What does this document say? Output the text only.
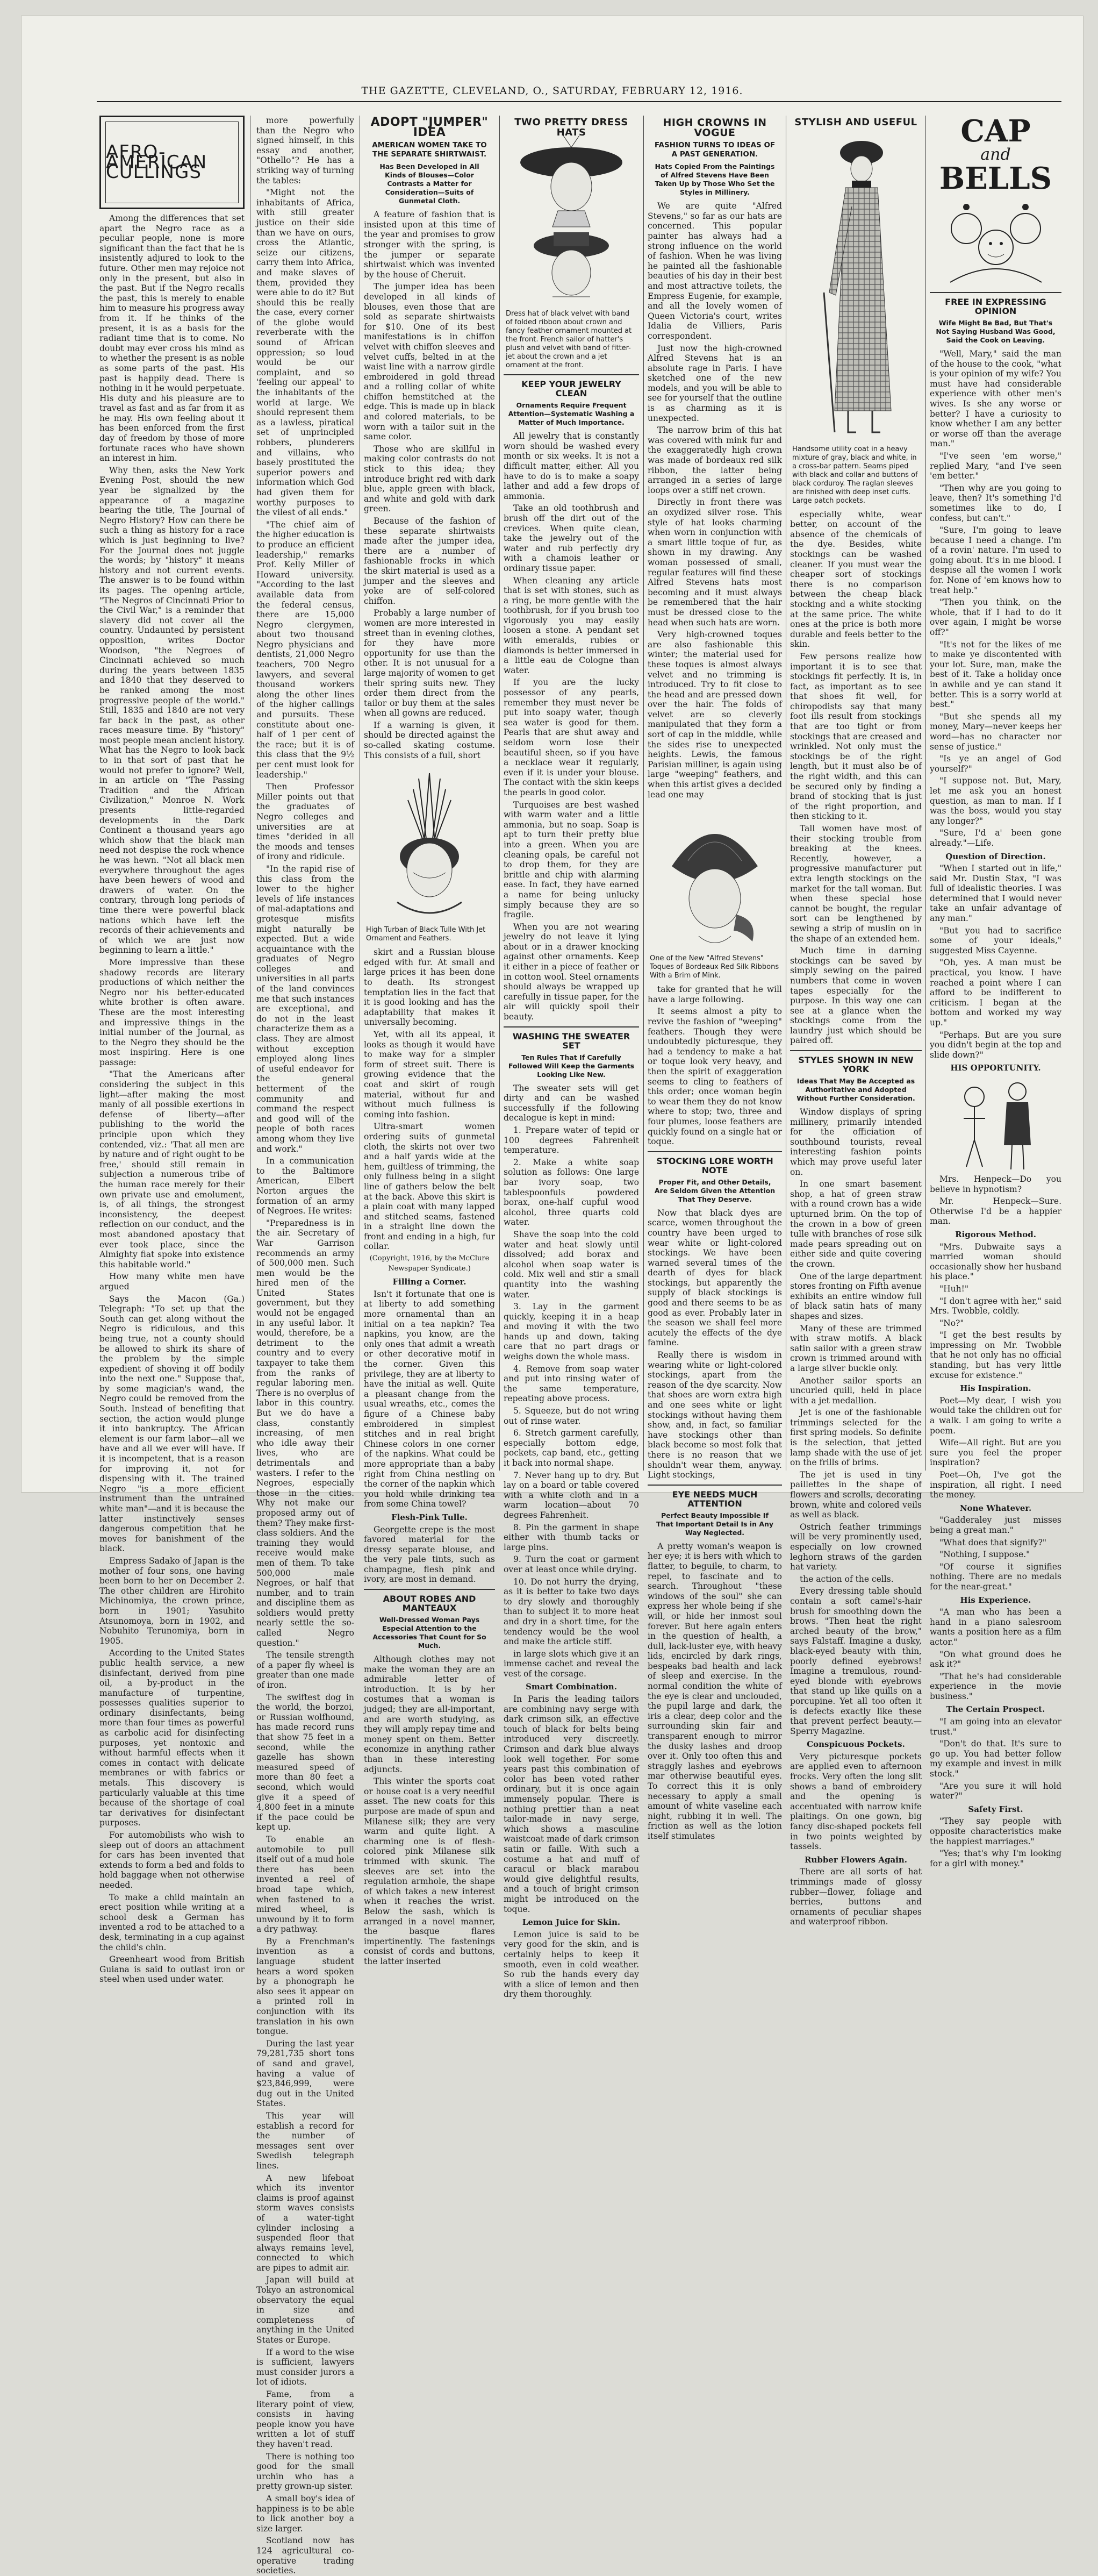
THE GAZETTE, CLEVELAND, O., SATURDAY, FEBRUARY 12, 1916.
AFRO-AMERICAN CULLINGS

Among the differences that set apart the Negro race as a peculiar people, none is more significant than the fact that he is insistently adjured to look to the future. Other men may rejoice not only in the present, but also in the past. But if the Negro recalls the past, this is merely to enable him to measure his progress away from it. If he thinks of the present, it is as a basis for the radiant time that is to come. No doubt may ever cross his mind as to whether the present is as noble as some parts of the past. His past is happily dead. There is nothing in it he would perpetuate. His duty and his pleasure are to travel as fast and as far from it as he may. His own feeling about it has been enforced from the first day of freedom by those of more fortunate races who have shown an interest in him.

Why then, asks the New York Evening Post, should the new year be signalized by the appearance of a magazine bearing the title, The Journal of Negro History? How can there be such a thing as history for a race which is just beginning to live? For the Journal does not juggle the words; by "history" it means history and not current events. The answer is to be found within its pages. The opening article, "The Negros of Cincinnati Prior to the Civil War," is a reminder that slavery did not cover all the country. Undaunted by persistent opposition, writes Doctor Woodson, "the Negroes of Cincinnati achieved so much during the years between 1835 and 1840 that they deserved to be ranked among the most progressive people of the world." Still, 1835 and 1840 are not very far back in the past, as other races measure time. By "history" most people mean ancient history. What has the Negro to look back to in that sort of past that he would not prefer to ignore? Well, in an article on "The Passing Tradition and the African Civilization," Monroe N. Work presents little-regarded developments in the Dark Continent a thousand years ago which show that the black man need not despise the rock whence he was hewn. "Not all black men everywhere throughout the ages have been hewers of wood and drawers of water. On the contrary, through long periods of time there were powerful black nations which have left the records of their achievements and of which we are just now beginning to learn a little."

More impressive than these shadowy records are literary productions of which neither the Negro nor his better-educated white brother is often aware. These are the most interesting and impressive things in the initial number of the Journal, as to the Negro they should be the most inspiring. Here is one passage:

"That the Americans after considering the subject in this light—after making the most manly of all possible exertions in defense of liberty—after publishing to the world the principle upon which they contended, viz.: 'That all men are by nature and of right ought to be free,' should still remain in subjection a numerous tribe of the human race merely for their own private use and emolument, is, of all things, the strongest inconsistency, the deepest reflection on our conduct, and the most abandoned apostacy that ever took place, since the Almighty fiat spoke into existence this habitable world."

How many white men have argued

Says the Macon (Ga.) Telegraph: "To set up that the South can get along without the Negro is ridiculous, and this being true, not a county should be allowed to shirk its share of the problem by the simple expedient of shoving it off bodily into the next one." Suppose that, by some magician's wand, the Negro could be removed from the South. Instead of benefiting that section, the action would plunge it into bankruptcy. The African element is our farm labor—all we have and all we ever will have. If it is incompetent, that is a reason for improving it, not for dispensing with it. The trained Negro "is a more efficient instrument than the untrained white man"—and it is because the latter instinctively senses dangerous competition that he moves for banishment of the black.

Empress Sadako of Japan is the mother of four sons, one having been born to her on December 2. The other children are Hirohito Michinomiya, the crown prince, born in 1901; Yasuhito Atsunomoya, born in 1902, and Nobuhito Terunomiya, born in 1905.

According to the United States public health service, a new disinfectant, derived from pine oil, a by-product in the manufacture of turpentine, possesses qualities superior to ordinary disinfectants, being more than four times as powerful as carbolic acid for disinfecting purposes, yet nontoxic and without harmful effects when it comes in contact with delicate membranes or with fabrics or metals. This discovery is particularly valuable at this time because of the shortage of coal tar derivatives for disinfectant purposes.

For automobilists who wish to sleep out of doors an attachment for cars has been invented that extends to form a bed and folds to hold baggage when not otherwise needed.

To make a child maintain an erect position while writing at a school desk a German has invented a rod to be attached to a desk, terminating in a cup against the child's chin.

Greenheart wood from British Guiana is said to outlast iron or steel when used under water.

more powerfully than the Negro who signed himself, in this essay and another, "Othello"? He has a striking way of turning the tables:

"Might not the inhabitants of Africa, with still greater justice on their side than we have on ours, cross the Atlantic, seize our citizens, carry them into Africa, and make slaves of them, provided they were able to do it? But should this be really the case, every corner of the globe would reverberate with the sound of African oppression; so loud would be our complaint, and so 'feeling our appeal' to the inhabitants of the world at large. We should represent them as a lawless, piratical set of unprincipled robbers, plunderers and villains, who basely prostituted the superior powers and information which God had given them for worthy purposes to the vilest of all ends."

"The chief aim of the higher education is to produce an efficient leadership," remarks Prof. Kelly Miller of Howard university. "According to the last available data from the federal census, there are 15,000 Negro clergymen, about two thousand Negro physicians and dentists, 21,000 Negro teachers, 700 Negro lawyers, and several thousand workers along the other lines of the higher callings and pursuits. These constitute about one-half of 1 per cent of the race; but it is of this class that the 9½ per cent must look for leadership."

Then Professor Miller points out that the graduates of Negro colleges and universities are at times "derided in all the moods and tenses of irony and ridicule.

"In the rapid rise of this class from the lower to the higher levels of life instances of mal-adaptations and grotesque misfits might naturally be expected. But a wide acquaintance with the graduates of Negro colleges and universities in all parts of the land convinces me that such instances are exceptional, and do not in the least characterize them as a class. They are almost without exception employed along lines of useful endeavor for the general betterment of the community and command the respect and good will of the people of both races among whom they live and work."

In a communication to the Baltimore American, Elbert Norton argues the formation of an army of Negroes. He writes:

"Preparedness is in the air. Secretary of War Garrison recommends an army of 500,000 men. Such men would be the hired men of the United States government, but they would not be engaged in any useful labor. It would, therefore, be a detriment to the country and to every taxpayer to take them from the ranks of regular laboring men. There is no overplus of labor in this country. But we do have a class, constantly increasing, of men who idle away their lives, who are detrimentals and wasters. I refer to the Negroes, especially those in the cities. Why not make our proposed army out of them? They make first-class soldiers. And the training they would receive would make men of them. To take 500,000 male Negroes, or half that number, and to train and discipline them as soldiers would pretty nearly settle the so-called Negro question."

The tensile strength of a paper fly wheel is greater than one made of iron.

The swiftest dog in the world, the borzoi, or Russian wolfhound, has made record runs that show 75 feet in a second, while the gazelle has shown measured speed of more than 80 feet a second, which would give it a speed of 4,800 feet in a minute if the pace could be kept up.

To enable an automobile to pull itself out of a mud hole there has been invented a reel of broad tape which, when fastened to a mired wheel, is unwound by it to form a dry pathway.

By a Frenchman's invention as a language student hears a word spoken by a phonograph he also sees it appear on a printed roll in conjunction with its translation in his own tongue.

During the last year 79,281,735 short tons of sand and gravel, having a value of $23,846,999, were dug out in the United States.

This year will establish a record for the number of messages sent over Swedish telegraph lines.

A new lifeboat which its inventor claims is proof against storm waves consists of a water-tight cylinder inclosing a suspended floor that always remains level, connected to which are pipes to admit air.

Japan will build at Tokyo an astronomical observatory the equal in size and completeness of anything in the United States or Europe.

If a word to the wise is sufficient, lawyers must consider jurors a lot of idiots.

Fame, from a literary point of view, consists in having people know you have written a lot of stuff they haven't read.

There is nothing too good for the small urchin who has a pretty grown-up sister.

A small boy's idea of happiness is to be able to lick another boy a size larger.

Scotland now has 124 agricultural co-operative trading societies.

ADOPT "JUMPER" IDEA
AMERICAN WOMEN TAKE TO THE SEPARATE SHIRTWAIST.
Has Been Developed in All Kinds of Blouses—Color Contrasts a Matter for Consideration—Suits of Gunmetal Cloth.

A feature of fashion that is insisted upon at this time of the year and promises to grow stronger with the spring, is the jumper or separate shirtwaist which was invented by the house of Cheruit.

The jumper idea has been developed in all kinds of blouses, even those that are sold as separate shirtwaists for $10. One of its best manifestations is in chiffon velvet with chiffon sleeves and velvet cuffs, belted in at the waist line with a narrow girdle embroidered in gold thread and a rolling collar of white chiffon hemstitched at the edge. This is made up in black and colored materials, to be worn with a tailor suit in the same color.

Those who are skillful in making color contrasts do not stick to this idea; they introduce bright red with dark blue, apple green with black, and white and gold with dark green.

Because of the fashion of these separate shirtwaists made after the jumper idea, there are a number of fashionable frocks in which the skirt material is used as a jumper and the sleeves and yoke are of self-colored chiffon.

Probably a large number of women are more interested in street than in evening clothes, for they have more opportunity for use than the other. It is not unusual for a large majority of women to get their spring suits new. They order them direct from the tailor or buy them at the sales when all gowns are reduced.

If a warning is given, it should be directed against the so-called skating costume. This consists of a full, short

High Turban of Black Tulle With Jet Ornament and Feathers.

skirt and a Russian blouse edged with fur. At small and large prices it has been done to death. Its strongest temptation lies in the fact that it is good looking and has the adaptability that makes it universally becoming.

Yet, with all its appeal, it looks as though it would have to make way for a simpler form of street suit. There is growing evidence that the coat and skirt of rough material, without fur and without much fullness is coming into fashion.

Ultra-smart women ordering suits of gunmetal cloth, the skirts not over two and a half yards wide at the hem, guiltless of trimming, the only fullness being in a slight line of gathers below the belt at the back. Above this skirt is a plain coat with many lapped and stitched seams, fastened in a straight line down the front and ending in a high, fur collar.

(Copyright, 1916, by the McClure Newspaper Syndicate.)
Filling a Corner.

Isn't it fortunate that one is at liberty to add something more ornamental than an initial on a tea napkin? Tea napkins, you know, are the only ones that admit a wreath or other decorative motif in the corner. Given this privilege, they are at liberty to have the initial as well. Quite a pleasant change from the usual wreaths, etc., comes the figure of a Chinese baby embroidered in simplest stitches and in real bright Chinese colors in one corner of the napkins. What could be more appropriate than a baby right from China nestling on the corner of the napkin which you hold while drinking tea from some China towel?

Flesh-Pink Tulle.

Georgette crepe is the most favored material for the dressy separate blouse, and the very pale tints, such as champagne, flesh pink and ivory, are most in demand.

ABOUT ROBES AND MANTEAUX
Well-Dressed Woman Pays Especial Attention to the Accessories That Count for So Much.

Although clothes may not make the woman they are an admirable letter of introduction. It is by her costumes that a woman is judged; they are all-important, and are worth studying, as they will amply repay time and money spent on them. Better economize in anything rather than in these interesting adjuncts.

This winter the sports coat or house coat is a very needful asset. The new coats for this purpose are made of spun and Milanese silk; they are very warm and quite light. A charming one is of flesh-colored pink Milanese silk trimmed with skunk. The sleeves are set into the regulation armhole, the shape of which takes a new interest when it reaches the wrist. Below the sash, which is arranged in a novel manner, the basque flares impertinently. The fastenings consist of cords and buttons, the latter inserted

TWO PRETTY DRESS HATS
Dress hat of black velvet with band of folded ribbon about crown and fancy feather ornament mounted at the front. French sailor of hatter's plush and velvet with band of fitter-jet about the crown and a jet ornament at the front.
KEEP YOUR JEWELRY CLEAN
Ornaments Require Frequent Attention—Systematic Washing a Matter of Much Importance.

All jewelry that is constantly worn should be washed every month or six weeks. It is not a difficult matter, either. All you have to do is to make a soapy lather and add a few drops of ammonia.

Take an old toothbrush and brush off the dirt out of the crevices. When quite clean, take the jewelry out of the water and rub perfectly dry with a chamois leather or ordinary tissue paper.

When cleaning any article that is set with stones, such as a ring, be more gentle with the toothbrush, for if you brush too vigorously you may easily loosen a stone. A pendant set with emeralds, rubies or diamonds is better immersed in a little eau de Cologne than water.

If you are the lucky possessor of any pearls, remember they must never be put into soapy water, though sea water is good for them. Pearls that are shut away and seldom worn lose their beautiful sheen, so if you have a necklace wear it regularly, even if it is under your blouse. The contact with the skin keeps the pearls in good color.

Turquoises are best washed with warm water and a little ammonia, but no soap. Soap is apt to turn their pretty blue into a green. When you are cleaning opals, be careful not to drop them, for they are brittle and chip with alarming ease. In fact, they have earned a name for being unlucky simply because they are so fragile.

When you are not wearing jewelry do not leave it lying about or in a drawer knocking against other ornaments. Keep it either in a piece of feather or in cotton wool. Steel ornaments should always be wrapped up carefully in tissue paper, for the air will quickly spoil their beauty.

WASHING THE SWEATER SET
Ten Rules That If Carefully Followed Will Keep the Garments Looking Like New.

The sweater sets will get dirty and can be washed successfully if the following decalogue is kept in mind:

1. Prepare water of tepid or 100 degrees Fahrenheit temperature.

2. Make a white soap solution as follows: One large bar ivory soap, two tablespoonfuls powdered borax, one-half cupful wood alcohol, three quarts cold water.

Shave the soap into the cold water and heat slowly until dissolved; add borax and alcohol when soap water is cold. Mix well and stir a small quantity into the washing water.

3. Lay in the garment quickly, keeping it in a heap and moving it with the two hands up and down, taking care that no part drags or weighs down the whole mass.

4. Remove from soap water and put into rinsing water of the same temperature, repeating above process.

5. Squeeze, but do not wring out of rinse water.

6. Stretch garment carefully, especially bottom edge, pockets, cap band, etc., getting it back into normal shape.

7. Never hang up to dry. But lay on a board or table covered with a white cloth and in a warm location—about 70 degrees Fahrenheit.

8. Pin the garment in shape either with thumb tacks or large pins.

9. Turn the coat or garment over at least once while drying.

10. Do not hurry the drying, as it is better to take two days to dry slowly and thoroughly than to subject it to more heat and dry in a short time, for the tendency would be the wool and make the article stiff.

in large slots which give it an immense cachet and reveal the vest of the corsage.

Smart Combination.

In Paris the leading tailors are combining navy serge with dark crimson silk, an effective touch of black for belts being introduced very discreetly. Crimson and dark blue always look well together. For some years past this combination of color has been voted rather ordinary, but it is once again immensely popular. There is nothing prettier than a neat tailor-made in navy serge, which shows a masculine waistcoat made of dark crimson satin or faille. With such a costume a hat and muff of caracul or black marabou would give delightful results, and a touch of bright crimson might be introduced on the toque.

Lemon Juice for Skin.

Lemon juice is said to be very good for the skin, and is certainly helps to keep it smooth, even in cold weather. So rub the hands every day with a slice of lemon and then dry them thoroughly.

HIGH CROWNS IN VOGUE
FASHION TURNS TO IDEAS OF A PAST GENERATION.
Hats Copied From the Paintings of Alfred Stevens Have Been Taken Up by Those Who Set the Styles in Millinery.

We are quite "Alfred Stevens," so far as our hats are concerned. This popular painter has always had a strong influence on the world of fashion. When he was living he painted all the fashionable beauties of his day in their best and most attractive toilets, the Empress Eugenie, for example, and all the lovely women of Queen Victoria's court, writes Idalia de Villiers, Paris correspondent.

Just now the high-crowned Alfred Stevens hat is an absolute rage in Paris. I have sketched one of the new models, and you will be able to see for yourself that the outline is as charming as it is unexpected.

The narrow brim of this hat was covered with mink fur and the exaggeratedly high crown was made of bordeaux red silk ribbon, the latter being arranged in a series of large loops over a stiff net crown.

Directly in front there was an oxydized silver rose. This style of hat looks charming when worn in conjunction with a smart little toque of fur, as shown in my drawing. Any woman possessed of small, regular features will find these Alfred Stevens hats most becoming and it must always be remembered that the hair must be dressed close to the head when such hats are worn.

Very high-crowned toques are also fashionable this winter; the material used for these toques is almost always velvet and no trimming is introduced. Try to fit close to the head and are pressed down over the hair. The folds of velvet are so cleverly manipulated that they form a sort of cap in the middle, while the sides rise to unexpected heights. Lewis, the famous Parisian milliner, is again using large "weeping" feathers, and when this artist gives a decided lead one may

One of the New "Alfred Stevens" Toques of Bordeaux Red Silk Ribbons With a Brim of Mink.

take for granted that he will have a large following.

It seems almost a pity to revive the fashion of "weeping" feathers. Though they were undoubtedly picturesque, they had a tendency to make a hat or toque look very heavy, and then the spirit of exaggeration seems to cling to feathers of this order; once woman begin to wear them they do not know where to stop; two, three and four plumes, loose feathers are quickly found on a single hat or toque.

STOCKING LORE WORTH NOTE
Proper Fit, and Other Details, Are Seldom Given the Attention That They Deserve.

Now that black dyes are scarce, women throughout the country have been urged to wear white or light-colored stockings. We have been warned several times of the dearth of dyes for black stockings, but apparently the supply of black stockings is good and there seems to be as good as ever. Probably later in the season we shall feel more acutely the effects of the dye famine.

Really there is wisdom in wearing white or light-colored stockings, apart from the reason of the dye scarcity. Now that shoes are worn extra high and one sees white or light stockings without having them show, and, in fact, so familiar have stockings other than black become so most folk that there is no reason that we shouldn't wear them, anyway. Light stockings,

EYE NEEDS MUCH ATTENTION
Perfect Beauty Impossible If That Important Detail Is in Any Way Neglected.

A pretty woman's weapon is her eye; it is hers with which to flatter, to beguile, to charm, to repel, to fascinate and to search. Throughout "these windows of the soul" she can express her whole being if she will, or hide her inmost soul forever. But here again enters in the question of health, a dull, lack-luster eye, with heavy lids, encircled by dark rings, bespeaks bad health and lack of sleep and exercise. In the normal condition the white of the eye is clear and unclouded, the pupil large and dark, the iris a clear, deep color and the surrounding skin fair and transparent enough to mirror the dusky lashes and droop over it. Only too often this and straggly lashes and eyebrows mar otherwise beautiful eyes. To correct this it is only necessary to apply a small amount of white vaseline each night, rubbing it in well. The friction as well as the lotion itself stimulates

STYLISH AND USEFUL
Handsome utility coat in a heavy mixture of gray, black and white, in a cross-bar pattern. Seams piped with black and collar and buttons of black corduroy. The raglan sleeves are finished with deep inset cuffs. Large patch pockets.

especially white, wear better, on account of the absence of the chemicals of the dye. Besides, white stockings can be washed cleaner. If you must wear the cheaper sort of stockings there is no comparison between the cheap black stocking and a white stocking at the same price. The white ones at the price is both more durable and feels better to the skin.

Few persons realize how important it is to see that stockings fit perfectly. It is, in fact, as important as to see that shoes fit well, for chiropodists say that many foot ills result from stockings that are too tight or from stockings that are creased and wrinkled. Not only must the stockings be of the right length, but it must also be of the right width, and this can be secured only by finding a brand of stocking that is just of the right proportion, and then sticking to it.

Tall women have most of their stocking trouble from breaking at the knees. Recently, however, a progressive manufacturer put extra length stockings on the market for the tall woman. But when these special hose cannot be bought, the regular sort can be lengthened by sewing a strip of muslin on in the shape of an extended hem.

Much time in darning stockings can be saved by simply sewing on the paired numbers that come in woven tapes especially for the purpose. In this way one can see at a glance when the stockings come from the laundry just which should be paired off.

STYLES SHOWN IN NEW YORK
Ideas That May Be Accepted as Authoritative and Adopted Without Further Consideration.

Window displays of spring millinery, primarily intended for the officiation of southbound tourists, reveal interesting fashion points which may prove useful later on.

In one smart basement shop, a hat of green straw with a round crown has a wide upturned brim. On the top of the crown in a bow of green tulle with branches of rose silk made pears spreading out on either side and quite covering the crown.

One of the large department stores fronting on Fifth avenue exhibits an entire window full of black satin hats of many shapes and sizes.

Many of these are trimmed with straw motifs. A black satin sailor with a green straw crown is trimmed around with a large silver buckle only.

Another sailor sports an uncurled quill, held in place with a jet medallion.

Jet is one of the fashionable trimmings selected for the first spring models. So definite is the selection, that jetted lamp shade with the use of jet on the frills of brims.

The jet is used in tiny paillettes in the shape of flowers and scrolls, decorating brown, white and colored veils as well as black.

Ostrich feather trimmings will be very prominently used, especially on low crowned leghorn straws of the garden hat variety.

the action of the cells.

Every dressing table should contain a soft camel's-hair brush for smoothing down the brows. "Then heat the right arched beauty of the brow," says Falstaff. Imagine a dusky, black-eyed beauty with thin, poorly defined eyebrows! Imagine a tremulous, round-eyed blonde with eyebrows that stand up like quills on a porcupine. Yet all too often it is defects exactly like these that prevent perfect beauty.—Sperry Magazine.

Conspicuous Pockets.

Very picturesque pockets are applied even to afternoon frocks. Very often the long slit shows a band of embroidery and the opening is accentuated with narrow knife plaitings. On one gown, big fancy disc-shaped pockets fell in two points weighted by tassels.

Rubber Flowers Again.

There are all sorts of hat trimmings made of glossy rubber—flower, foliage and berries, buttons and ornaments of peculiar shapes and waterproof ribbon.

CAP
and
BELLS
FREE IN EXPRESSING OPINION
Wife Might Be Bad, But That's Not Saying Husband Was Good, Said the Cook on Leaving.

"Well, Mary," said the man of the house to the cook, "what is your opinion of my wife? You must have had considerable experience with other men's wives. Is she any worse or better? I have a curiosity to know whether I am any better or worse off than the average man."

"I've seen 'em worse," replied Mary, "and I've seen 'em better."

"Then why are you going to leave, then? It's something I'd sometimes like to do, I confess, but can't."

"Sure, I'm going to leave because I need a change. I'm of a rovin' nature. I'm used to going about. It's in me blood. I despise all the women I work for. None of 'em knows how to treat help."

"Then you think, on the whole, that if I had to do it over again, I might be worse off?"

"It's not for the likes of me to make ye discontented with your lot. Sure, man, make the best of it. Take a holiday once in awhile and ye can stand it better. This is a sorry world at best."

"But she spends all my money, Mary—never keeps her word—has no character nor sense of justice."

"Is ye an angel of God yourself?"

"I suppose not. But, Mary, let me ask you an honest question, as man to man. If I was the boss, would you stay any longer?"

"Sure, I'd a' been gone already."—Life.

Question of Direction.

"When I started out in life," said Mr. Dustin Stax, "I was full of idealistic theories. I was determined that I would never take an unfair advantage of any man."

"But you had to sacrifice some of your ideals," suggested Miss Cayenne.

"Oh, yes. A man must be practical, you know. I have reached a point where I can afford to be indifferent to criticism. I began at the bottom and worked my way up."

"Perhaps. But are you sure you didn't begin at the top and slide down?"

HIS OPPORTUNITY.

Mrs. Henpeck—Do you believe in hypnotism?

Mr. Henpeck—Sure. Otherwise I'd be a happier man.

Rigorous Method.

"Mrs. Dubwaite says a married woman should occasionally show her husband his place."

"Huh!"

"I don't agree with her," said Mrs. Twobble, coldly.

"No?"

"I get the best results by impressing on Mr. Twobble that he not only has no official standing, but has very little excuse for existence."

His Inspiration.

Poet—My dear, I wish you would take the children out for a walk. I am going to write a poem.

Wife—All right. But are you sure you feel the proper inspiration?

Poet—Oh, I've got the inspiration, all right. I need the money.

None Whatever.

"Gadderaley just misses being a great man."

"What does that signify?"

"Nothing, I suppose."

"Of course it signifies nothing. There are no medals for the near-great."

His Experience.

"A man who has been a hand in a piano salesroom wants a position here as a film actor."

"On what ground does he ask it?"

"That he's had considerable experience in the movie business."

The Certain Prospect.

"I am going into an elevator trust."

"Don't do that. It's sure to go up. You had better follow my example and invest in milk stock."

"Are you sure it will hold water?"

Safety First.

"They say people with opposite characteristics make the happiest marriages."

"Yes; that's why I'm looking for a girl with money."
